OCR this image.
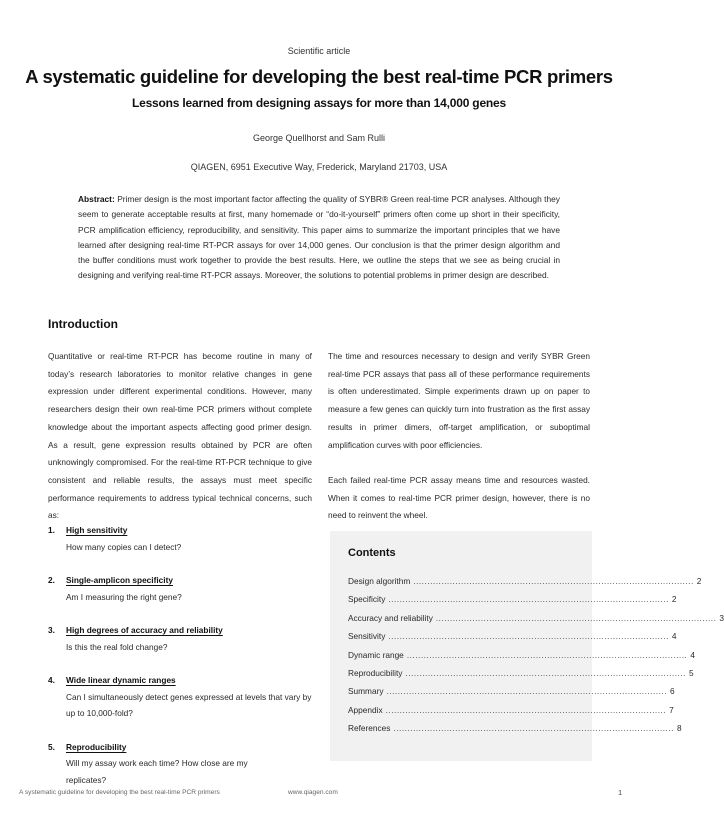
Scientific article
A systematic guideline for developing the best real-time PCR primers
Lessons learned from designing assays for more than 14,000 genes
George Quellhorst and Sam Rulli
QIAGEN, 6951 Executive Way, Frederick, Maryland 21703, USA
Abstract: Primer design is the most important factor affecting the quality of SYBR® Green real-time PCR analyses. Although they seem to generate acceptable results at first, many homemade or “do-it-yourself” primers often come up short in their specificity, PCR amplification efficiency, reproducibility, and sensitivity. This paper aims to summarize the important principles that we have learned after designing real-time RT-PCR assays for over 14,000 genes. Our conclusion is that the primer design algorithm and the buffer conditions must work together to provide the best results. Here, we outline the steps that we see as being crucial in designing and verifying real-time RT-PCR assays. Moreover, the solutions to potential problems in primer design are described.
Introduction

Quantitative or real-time RT-PCR has become routine in many of today’s research laboratories to monitor relative changes in gene expression under different experimental conditions. However, many researchers design their own real-time PCR primers without complete knowledge about the important aspects affecting good primer design. As a result, gene expression results obtained by PCR are often unknowingly compromised. For the real-time RT-PCR technique to give consistent and reliable results, the assays must meet specific performance requirements to address typical technical concerns, such as:

The time and resources necessary to design and verify SYBR Green real-time PCR assays that pass all of these performance requirements is often underestimated. Simple experiments drawn up on paper to measure a few genes can quickly turn into frustration as the first assay results in primer dimers, off-target amplification, or suboptimal amplification curves with poor efficiencies.

Each failed real-time PCR assay means time and resources wasted. When it comes to real-time PCR primer design, however, there is no need to reinvent the wheel.

1. High sensitivity
How many copies can I detect?
2. Single-amplicon specificity
Am I measuring the right gene?
3. High degrees of accuracy and reliability
Is this the real fold change?
4. Wide linear dynamic ranges
Can I simultaneously detect genes expressed at levels that vary by up to 10,000-fold?
5. Reproducibility
Will my assay work each time? How close are my replicates?
Contents
Design algorithm .................................................................................................... 2
Specificity .................................................................................................... 2
Accuracy and reliability .................................................................................................... 3
Sensitivity .................................................................................................... 4
Dynamic range .................................................................................................... 4
Reproducibility .................................................................................................... 5
Summary .................................................................................................... 6
Appendix .................................................................................................... 7
References .................................................................................................... 8
A systematic guideline for developing the best real-time PCR primers	www.qiagen.com	1
